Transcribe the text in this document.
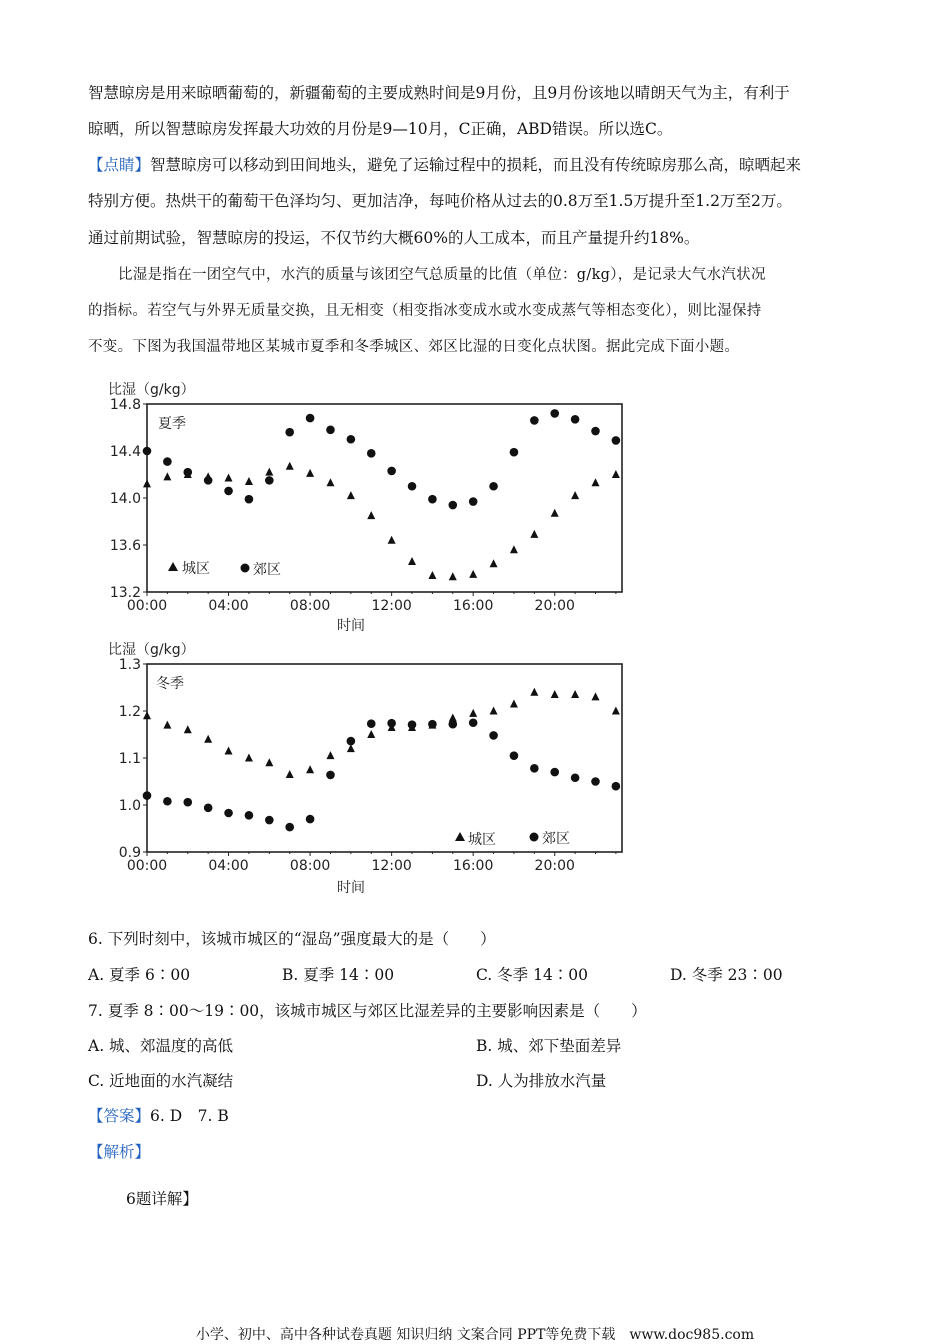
智慧晾房是用来晾晒葡萄的，新疆葡萄的主要成熟时间是9月份，且9月份该地以晴朗天气为主，有利于
晾晒，所以智慧晾房发挥最大功效的月份是9—10月，C正确，ABD错误。所以选C。
【点睛】智慧晾房可以移动到田间地头，避免了运输过程中的损耗，而且没有传统晾房那么高，晾晒起来
特别方便。热烘干的葡萄干色泽均匀、更加洁净，每吨价格从过去的0.8万至1.5万提升至1.2万至2万。
通过前期试验，智慧晾房的投运，不仅节约大概60%的人工成本，而且产量提升约18%。
比湿是指在一团空气中，水汽的质量与该团空气总质量的比值（单位：g/kg），是记录大气水汽状况
的指标。若空气与外界无质量交换，且无相变（相变指冰变成水或水变成蒸气等相态变化），则比湿保持
不变。下图为我国温带地区某城市夏季和冬季城区、郊区比湿的日变化点状图。据此完成下面小题。
比湿（g/kg）
夏季
14.8
14.4
14.0
13.6
13.2
00:00	04:00	08:00	12:00	16:00	20:00
城区	郊区
时间
比湿（g/kg）
冬季
1.3
1.2
1.1
1.0
0.9
00:00	04:00	08:00	12:00	16:00	20:00
城区	郊区
时间
6. 下列时刻中，该城市城区的“湿岛”强度最大的是（　　）
A. 夏季 6∶00	B. 夏季 14∶00	C. 冬季 14∶00	D. 冬季 23∶00
7. 夏季 8∶00～19∶00，该城市城区与郊区比湿差异的主要影响因素是（　　）
A. 城、郊温度的高低	B. 城、郊下垫面差异
C. 近地面的水汽凝结	D. 人为排放水汽量
【答案】6. D　7. B
【解析】
6题详解】
小学、初中、高中各种试卷真题 知识归纳 文案合同 PPT等免费下载 www.doc985.com
